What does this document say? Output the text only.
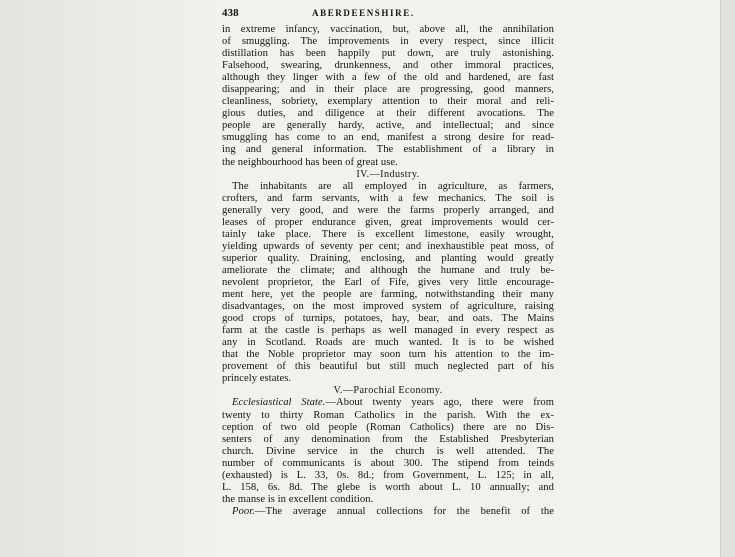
438	ABERDEENSHIRE.
in extreme infancy, vaccination, but, above all, the annihilation
of smuggling. The improvements in every respect, since illicit
distillation has been happily put down, are truly astonishing.
Falsehood, swearing, drunkenness, and other immoral practices,
although they linger with a few of the old and hardened, are fast
disappearing; and in their place are progressing, good manners,
cleanliness, sobriety, exemplary attention to their moral and reli-
gious duties, and diligence at their different avocations. The
people are generally hardy, active, and intellectual; and since
smuggling has come to an end, manifest a strong desire for read-
ing and general information. The establishment of a library in
the neighbourhood has been of great use.
IV.—Industry.
The inhabitants are all employed in agriculture, as farmers,
crofters, and farm servants, with a few mechanics. The soil is
generally very good, and were the farms properly arranged, and
leases of proper endurance given, great improvements would cer-
tainly take place. There is excellent limestone, easily wrought,
yielding upwards of seventy per cent; and inexhaustible peat moss, of
superior quality. Draining, enclosing, and planting would greatly
ameliorate the climate; and although the humane and truly be-
nevolent proprietor, the Earl of Fife, gives very little encourage-
ment here, yet the people are farming, notwithstanding their many
disadvantages, on the most improved system of agriculture, raising
good crops of turnips, potatoes, hay, bear, and oats. The Mains
farm at the castle is perhaps as well managed in every respect as
any in Scotland. Roads are much wanted. It is to be wished
that the Noble proprietor may soon turn his attention to the im-
provement of this beautiful but still much neglected part of his
princely estates.
V.—Parochial Economy.
Ecclesiastical State.—About twenty years ago, there were from
twenty to thirty Roman Catholics in the parish. With the ex-
ception of two old people (Roman Catholics) there are no Dis-
senters of any denomination from the Established Presbyterian
church. Divine service in the church is well attended. The
number of communicants is about 300. The stipend from teinds
(exhausted) is L. 33, 0s. 8d.; from Government, L. 125; in all,
L. 158, 6s. 8d. The glebe is worth about L. 10 annually; and
the manse is in excellent condition.
Poor.—The average annual collections for the benefit of the
